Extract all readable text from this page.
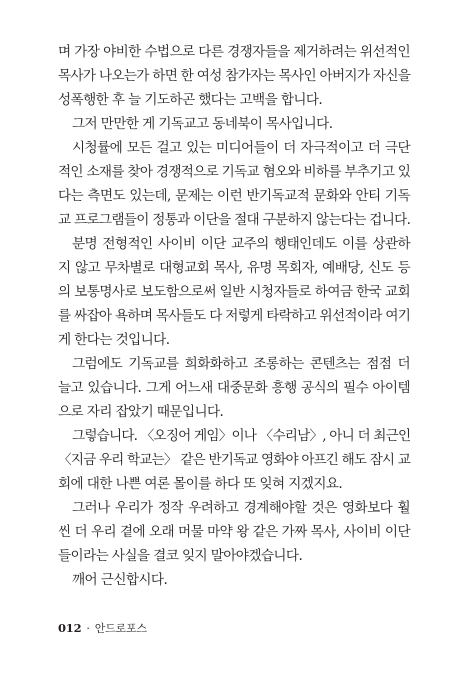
며 가장 야비한 수법으로 다른 경쟁자들을 제거하려는 위선적인
목사가 나오는가 하면 한 여성 참가자는 목사인 아버지가 자신을
성폭행한 후 늘 기도하곤 했다는 고백을 합니다.
그저 만만한 게 기독교고 동네북이 목사입니다.
시청률에 모든 걸고 있는 미디어들이 더 자극적이고 더 극단
적인 소재를 찾아 경쟁적으로 기독교 혐오와 비하를 부추기고 있
다는 측면도 있는데, 문제는 이런 반기독교적 문화와 안티 기독
교 프로그램들이 정통과 이단을 절대 구분하지 않는다는 겁니다.
분명 전형적인 사이비 이단 교주의 행태인데도 이를 상관하
지 않고 무차별로 대형교회 목사, 유명 목회자, 예배당, 신도 등
의 보통명사로 보도함으로써 일반 시청자들로 하여금 한국 교회
를 싸잡아 욕하며 목사들도 다 저렇게 타락하고 위선적이라 여기
게 한다는 것입니다.
그럼에도 기독교를 희화화하고 조롱하는 콘텐츠는 점점 더
늘고 있습니다. 그게 어느새 대중문화 흥행 공식의 필수 아이템
으로 자리 잡았기 때문입니다.
그렇습니다. 〈오징어 게임〉이나 〈수리남〉, 아니 더 최근인
〈지금 우리 학교는〉 같은 반기독교 영화야 아프긴 해도 잠시 교
회에 대한 나쁜 여론 몰이를 하다 또 잊혀 지겠지요.
그러나 우리가 정작 우려하고 경계해야할 것은 영화보다 훨
씬 더 우리 곁에 오래 머물 마약 왕 같은 가짜 목사, 사이비 이단
들이라는 사실을 결코 잊지 말아야겠습니다.
깨어 근신합시다.
012 · 안드로포스
